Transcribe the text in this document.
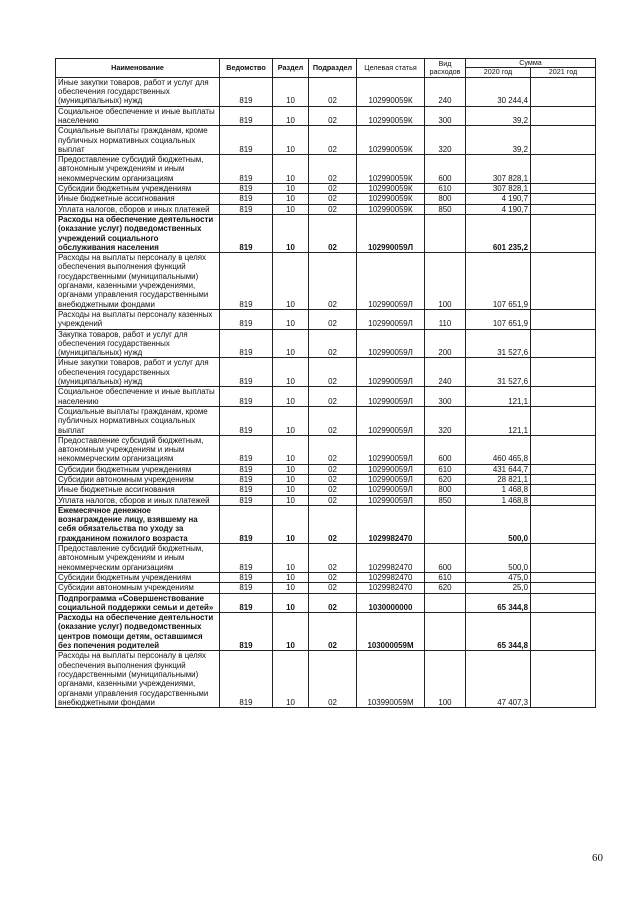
Наименование	Ведомство	Раздел	Подраздел	Целевая статья	Вид расходов	Сумма	
						2020 год	2021 год
Иные закупки товаров, работ и услуг для обеспечения государственных (муниципальных) нужд	819	10	02	102990059К	240	30 244,4	
Социальное обеспечение и иные выплаты населению	819	10	02	102990059К	300	39,2	
Социальные выплаты гражданам, кроме публичных нормативных социальных выплат	819	10	02	102990059К	320	39,2	
Предоставление субсидий бюджетным, автономным учреждениям и иным некоммерческим организациям	819	10	02	102990059К	600	307 828,1	
Субсидии бюджетным учреждениям	819	10	02	102990059К	610	307 828,1	
Иные бюджетные ассигнования	819	10	02	102990059К	800	4 190,7	
Уплата налогов, сборов и иных платежей	819	10	02	102990059К	850	4 190,7	
Расходы на обеспечение деятельности (оказание услуг) подведомственных учреждений социального обслуживания населения	819	10	02	102990059Л		601 235,2	
Расходы на выплаты персоналу в целях обеспечения выполнения функций государственными (муниципальными) органами, казенными учреждениями, органами управления государственными внебюджетными фондами	819	10	02	102990059Л	100	107 651,9	
Расходы на выплаты персоналу казенных учреждений	819	10	02	102990059Л	110	107 651,9	
Закупка товаров, работ и услуг для обеспечения государственных (муниципальных) нужд	819	10	02	102990059Л	200	31 527,6	
Иные закупки товаров, работ и услуг для обеспечения государственных (муниципальных) нужд	819	10	02	102990059Л	240	31 527,6	
Социальное обеспечение и иные выплаты населению	819	10	02	102990059Л	300	121,1	
Социальные выплаты гражданам, кроме публичных нормативных социальных выплат	819	10	02	102990059Л	320	121,1	
Предоставление субсидий бюджетным, автономным учреждениям и иным некоммерческим организациям	819	10	02	102990059Л	600	460 465,8	
Субсидии бюджетным учреждениям	819	10	02	102990059Л	610	431 644,7	
Субсидии автономным учреждениям	819	10	02	102990059Л	620	28 821,1	
Иные бюджетные ассигнования	819	10	02	102990059Л	800	1 468,8	
Уплата налогов, сборов и иных платежей	819	10	02	102990059Л	850	1 468,8	
Ежемесячное денежное вознаграждение лицу, взявшему на себя обязательства по уходу за гражданином пожилого возраста	819	10	02	1029982470		500,0	
Предоставление субсидий бюджетным, автономным учреждениям и иным некоммерческим организациям	819	10	02	1029982470	600	500,0	
Субсидии бюджетным учреждениям	819	10	02	1029982470	610	475,0	
Субсидии автономным учреждениям	819	10	02	1029982470	620	25,0	
Подпрограмма «Совершенствование социальной поддержки семьи и детей»	819	10	02	1030000000		65 344,8	
Расходы на обеспечение деятельности (оказание услуг) подведомственных центров помощи детям, оставшимся без попечения родителей	819	10	02	103000059М		65 344,8	
Расходы на выплаты персоналу в целях обеспечения выполнения функций государственными (муниципальными) органами, казенными учреждениями, органами управления государственными внебюджетными фондами	819	10	02	103990059М	100	47 407,3	
60
